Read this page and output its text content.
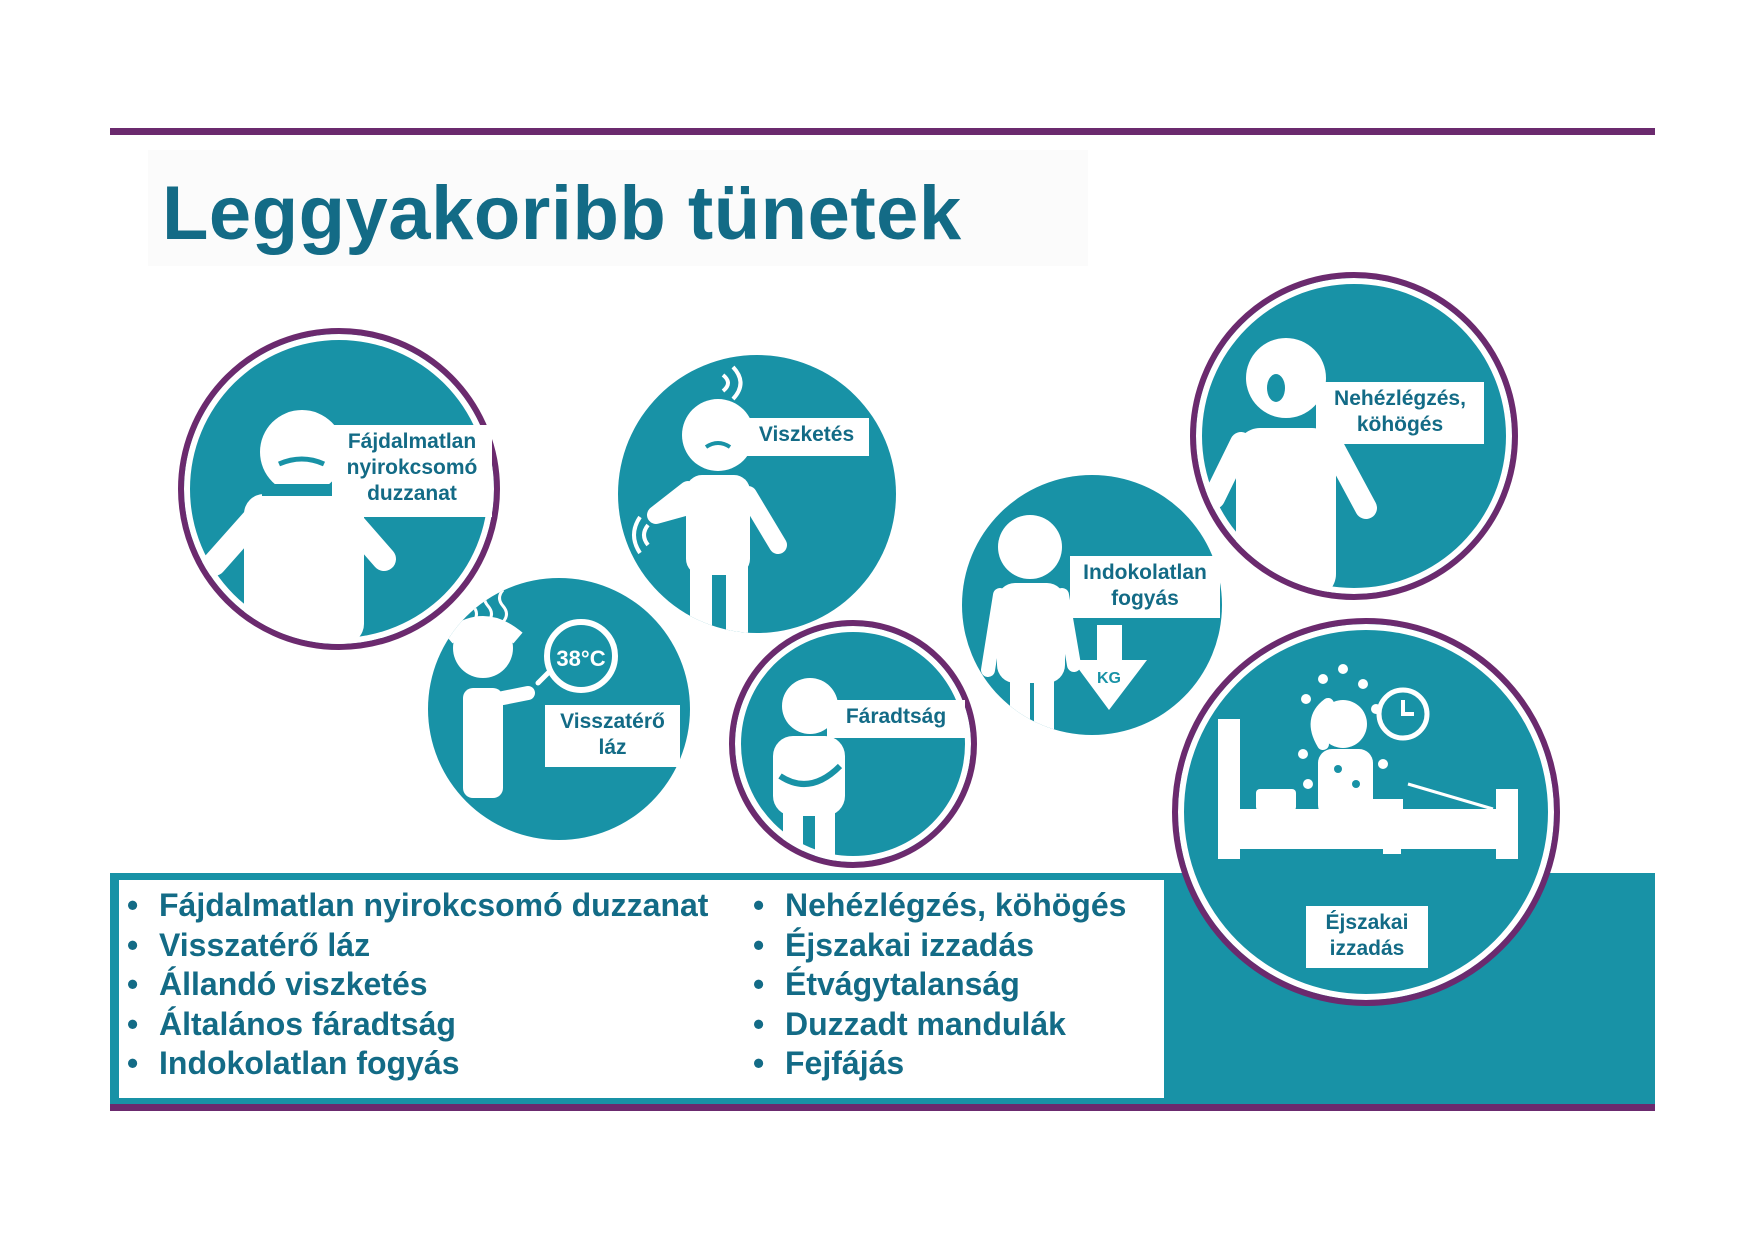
Leggyakoribb tünetek
• Fájdalmatlan nyirokcsomó duzzanat
• Visszatérő láz
• Állandó viszketés
• Általános fáradtság
• Indokolatlan fogyás
• Nehézlégzés, köhögés
• Éjszakai izzadás
• Étvágytalanság
• Duzzadt mandulák
• Fejfájás
Fájdalmatlan
nyirokcsomó
duzzanat
Viszketés
38°C
Visszatérő
láz
Fáradtság
KG
Indokolatlan
fogyás
Nehézlégzés,
köhögés
Éjszakai
izzadás
